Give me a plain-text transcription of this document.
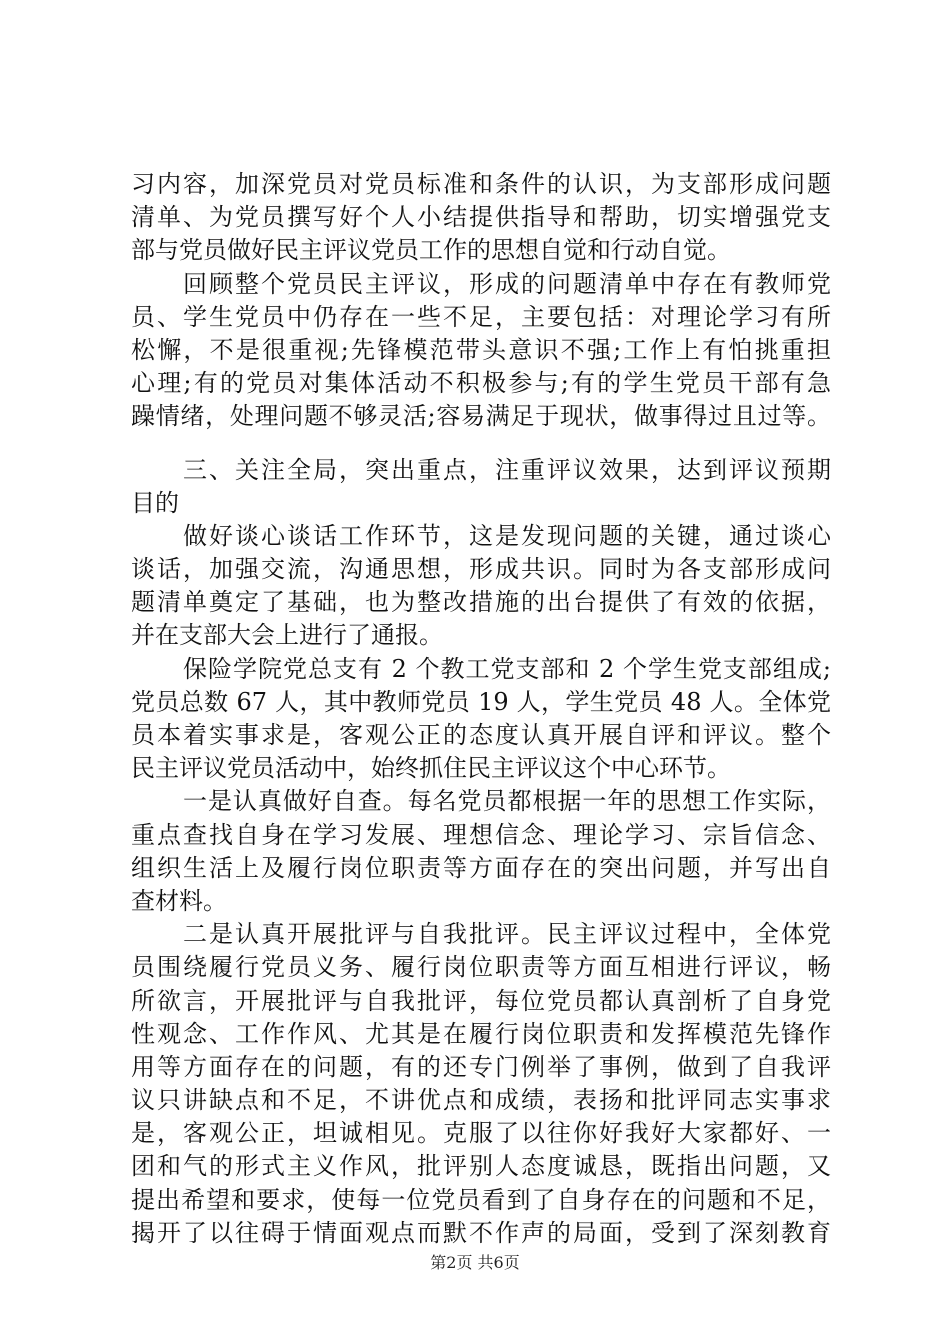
习内容，加深党员对党员标准和条件的认识，为支部形成问题
清单、为党员撰写好个人小结提供指导和帮助，切实增强党支
部与党员做好民主评议党员工作的思想自觉和行动自觉。
回顾整个党员民主评议，形成的问题清单中存在有教师党
员、学生党员中仍存在一些不足，主要包括：对理论学习有所
松懈，不是很重视;先锋模范带头意识不强;工作上有怕挑重担
心理;有的党员对集体活动不积极参与;有的学生党员干部有急
躁情绪，处理问题不够灵活;容易满足于现状，做事得过且过等。
三、关注全局，突出重点，注重评议效果，达到评议预期
目的
做好谈心谈话工作环节，这是发现问题的关键，通过谈心
谈话，加强交流，沟通思想，形成共识。同时为各支部形成问
题清单奠定了基础，也为整改措施的出台提供了有效的依据，
并在支部大会上进行了通报。
保险学院党总支有 2 个教工党支部和 2 个学生党支部组成;
党员总数 67 人，其中教师党员 19 人，学生党员 48 人。全体党
员本着实事求是，客观公正的态度认真开展自评和评议。整个
民主评议党员活动中，始终抓住民主评议这个中心环节。
一是认真做好自查。每名党员都根据一年的思想工作实际，
重点查找自身在学习发展、理想信念、理论学习、宗旨信念、
组织生活上及履行岗位职责等方面存在的突出问题，并写出自
查材料。
二是认真开展批评与自我批评。民主评议过程中，全体党
员围绕履行党员义务、履行岗位职责等方面互相进行评议，畅
所欲言，开展批评与自我批评，每位党员都认真剖析了自身党
性观念、工作作风、尤其是在履行岗位职责和发挥模范先锋作
用等方面存在的问题，有的还专门例举了事例，做到了自我评
议只讲缺点和不足，不讲优点和成绩，表扬和批评同志实事求
是，客观公正，坦诚相见。克服了以往你好我好大家都好、一
团和气的形式主义作风，批评别人态度诚恳，既指出问题，又
提出希望和要求，使每一位党员看到了自身存在的问题和不足，
揭开了以往碍于情面观点而默不作声的局面，受到了深刻教育
第2页 共6页
